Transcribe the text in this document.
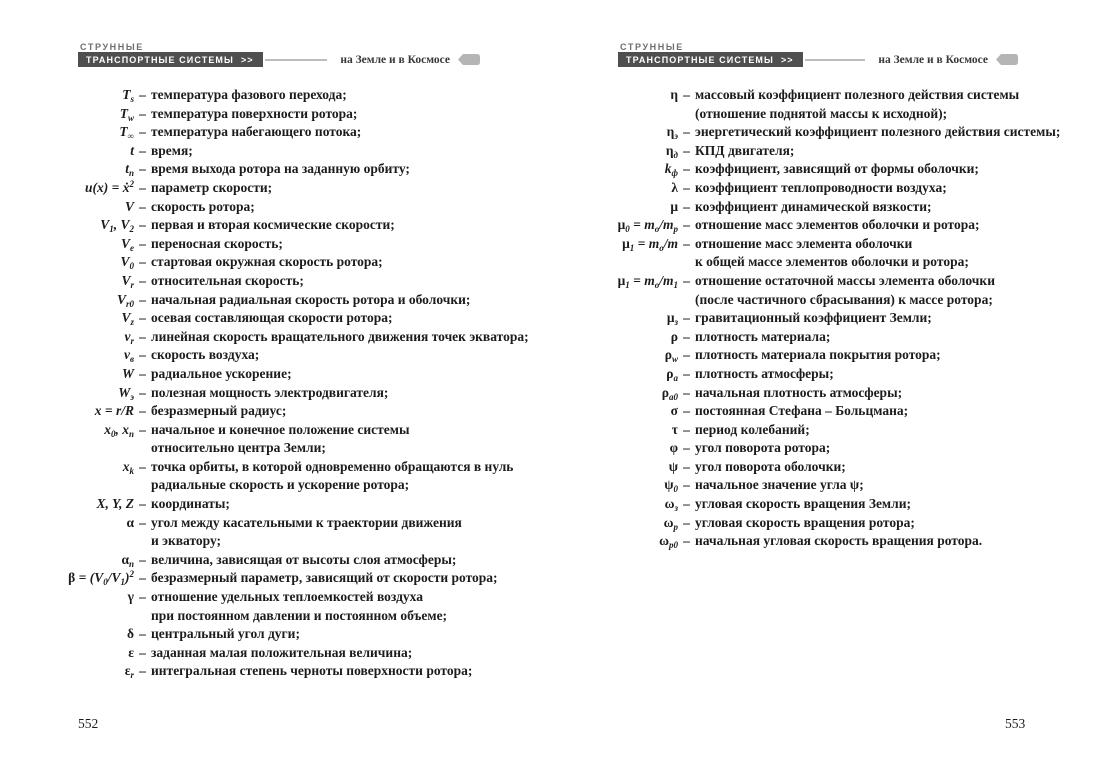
СТРУННЫЕ
ТРАНСПОРТНЫЕ СИСТЕМЫ >>	на Земле и в Космосе
$T_s$ – температура фазового перехода;
$T_w$ – температура поверхности ротора;
$T_\infty$ – температура набегающего потока;
t – время;
$t_n$ – время выхода ротора на заданную орбиту;
u(x) = ẋ$^2$ – параметр скорости;
V – скорость ротора;
$V_1$, $V_2$ – первая и вторая космические скорости;
$V_e$ – переносная скорость;
$V_0$ – стартовая окружная скорость ротора;
$V_r$ – относительная скорость;
$V_{r0}$ – начальная радиальная скорость ротора и оболочки;
$V_z$ – осевая составляющая скорости ротора;
$v_r$ – линейная скорость вращательного движения точек экватора;
$v_в$ – скорость воздуха;
W – радиальное ускорение;
$W_э$ – полезная мощность электродвигателя;
x = r/R – безразмерный радиус;
$x_0$, $x_n$ – начальное и конечное положение системы
относительно центра Земли;
$x_k$ – точка орбиты, в которой одновременно обращаются в нуль
радиальные скорость и ускорение ротора;
X, Y, Z – координаты;
α – угол между касательными к траектории движения
и экватору;
$\alpha_n$ – величина, зависящая от высоты слоя атмосферы;
$\beta = (V_0/V_1)^2$ – безразмерный параметр, зависящий от скорости ротора;
γ – отношение удельных теплоемкостей воздуха
при постоянном давлении и постоянном объеме;
δ – центральный угол дуги;
ε – заданная малая положительная величина;
$\varepsilon_r$ – интегральная степень черноты поверхности ротора;
552
СТРУННЫЕ
ТРАНСПОРТНЫЕ СИСТЕМЫ >>	на Земле и в Космосе
η – массовый коэффициент полезного действия системы
(отношение поднятой массы к исходной);
$\eta_э$ – энергетический коэффициент полезного действия системы;
$\eta_д$ – КПД двигателя;
$k_ф$ – коэффициент, зависящий от формы оболочки;
λ – коэффициент теплопроводности воздуха;
μ – коэффициент динамической вязкости;
$\mu_0 = m_о/m_р$ – отношение масс элементов оболочки и ротора;
$\mu_1 = m_о/m$ – отношение масс элемента оболочки
к общей массе элементов оболочки и ротора;
$\mu_1 = m_о/m_1$ – отношение остаточной массы элемента оболочки
(после частичного сбрасывания) к массе ротора;
$\mu_з$ – гравитационный коэффициент Земли;
ρ – плотность материала;
$\rho_w$ – плотность материала покрытия ротора;
$\rho_а$ – плотность атмосферы;
$\rho_{а0}$ – начальная плотность атмосферы;
σ – постоянная Стефана – Больцмана;
τ – период колебаний;
φ – угол поворота ротора;
ψ – угол поворота оболочки;
$\psi_0$ – начальное значение угла ψ;
$\omega_з$ – угловая скорость вращения Земли;
$\omega_р$ – угловая скорость вращения ротора;
$\omega_{р0}$ – начальная угловая скорость вращения ротора.
553
